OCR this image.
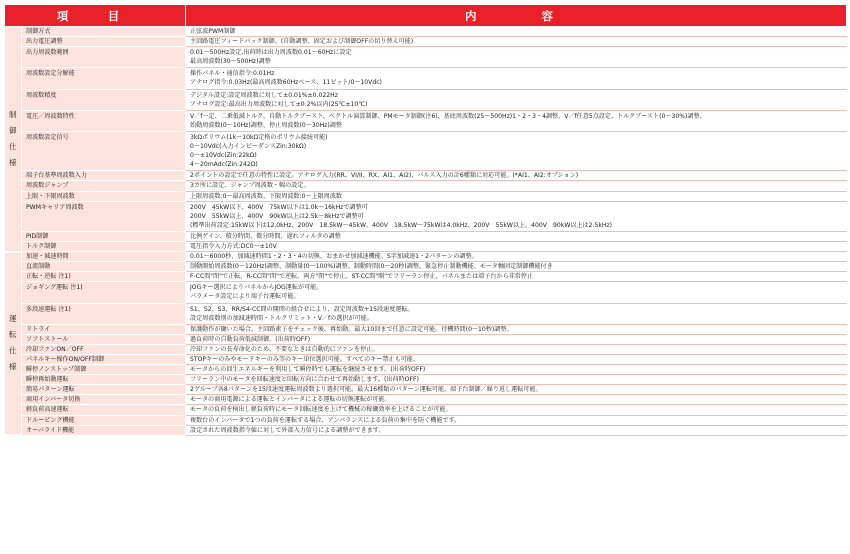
項　目		内　　容

制
御
仕
様	制御方式	正弦波PWM制御

	出力電圧調整	主回路電圧フィードバック制御。(自動調整、固定および制御OFFの切り替え可能)

	出力周波数範囲	0.01～500Hz設定,出荷時は出力周波数0.01～60Hzに設定
最高周波数(30～500Hz)調整

	周波数設定分解能	操作パネル・通信指令:0.01Hz
アナログ指令:0.03Hz(最高周波数60Hzベース、11ビット/0～10Vdc)

	周波数精度	デジタル設定:設定周波数に対して±0.01%±0.022Hz
アナログ設定:最高出力周波数に対して±0.2%以内(25℃±10℃)

	電圧／周波数特性	V／f一定、二乗低減トルク、自動トルクブースト、ベクトル演算制御、PMモータ制御(注6)、基底周波数(25～500Hz)1・2・3・4調整、V／f任意5点設定、トルクブースト(0～30%)調整、
始動周波数(0～10Hz)調整、停止周波数(0～30Hz)調整

	周波数設定信号	3kΩポリウム(1k～10kΩ定格のポリウム接続可能)
0～10Vdc(入力インピーダンスZin:30kΩ)
0～±10Vdc(Zin:22kΩ)
4～20mAdc(Zin:242Ω)

	端子台基準周波数入力	2ポイントの設定で任意の特性に設定。アナログ入力(RR、VI/II、RX、AI1、AI2)、パルス入力の計6種類に対応可能。(*AI1、AI2:オプション)

	周波数ジャンプ	3カ所に設定、ジャンプ周波数・幅の設定。

	上限・下限周波数	上限周波数:0～最高周波数、下限周波数:0～上限周波数

	PWMキャリア周波数	200V　45kW以下、400V　75kW以下は1.0k～16kHzで調整可
200V　55kW以上、400V　90kW以上は2.5k～8kHzで調整可
(標準出荷設定:15kW以下は12.0kHz、200V　18.5kW～45kW、400V　18.5kW～75kWは4.0kHz、200V　55kW以上、400V　90kW以上は2.5kHz)

	PID制御	比例ゲイン、積分時間、微分時間、遅れフィルタの調整

	トルク制御	電圧指令入力方式:DC0～±10V

運
転
仕
様	加速・減速時間	0.01～6000秒、加減速時間1・2・3・4の切換、おまかせ加減速機能、S字加減速1・2パターンの調整。

	直流制動	制動開始周波数(0～120Hz)調整、制動量(0～100%)調整、制動時間(0～20秒)調整、緊急停止制動機能、モータ軸固定制御機能付き

	正転・逆転 注1)	F-CC間"閉"で正転、R-CC間"閉"で逆転、両方"閉"で停止。ST-CC間"開"でフリーラン停止、パネルまたは端子台から非常停止

	ジョギング運転 注1)	JOGキー選択によりパネルからJOG運転が可能。
パラメータ設定により端子台運転可能。

	多段速運転 注1)	S1、S2、S3、RR/S4-CC間の開閉の組合せにより、設定周波数+15段速度運転。
設定周波数別の加減速時間・トルクリミット・V／fの選択が可能。

	リトライ	保護動作が働いた場合、主回路素子をチェック後、再始動。最大10回まで任意に設定可能。待機時間(0～10秒)調整。

	ソフトストール	過負荷時の自動負荷低減制御。(出荷時OFF)

	冷却ファンON／OFF	冷却ファンの長寿命化のため、不要なときは自動的にファンを停止。

	パネルキー操作ON/OFF制御	STOPキーのみやモードキーのみ等のキー単位選択可能。すべてのキー禁止も可能。

	瞬停ノンストップ制御	モータからの回生エネルギーを利用して瞬停時でも運転を継続させます。(出荷時OFF)

	瞬停再始動運転	フリーラン中のモータを回転速度と回転方向に合わせて再始動します。(出荷時OFF)

	簡易パターン運転	2グループ各8パターンを15段速度運転周波数より選択可能。最大16種類のパターン運転可能。端子台制御／繰り返し運転可能。

	商用インバータ切換	モータの商用電源による運転とインバータによる運転の切換運転が可能。

	軽負荷高速運転	モータの負荷を検出し軽負荷時にモータ回転速度を上げて機械の稼働効率を上げることが可能。

	ドルーピング機能	複数台のインバータで1つの負荷を運転する場合、アンバランスによる負荷の集中を防ぐ機能です。

	オーバライド機能	設定された周波数指令値に対して外部入力信号による調整ができます。
